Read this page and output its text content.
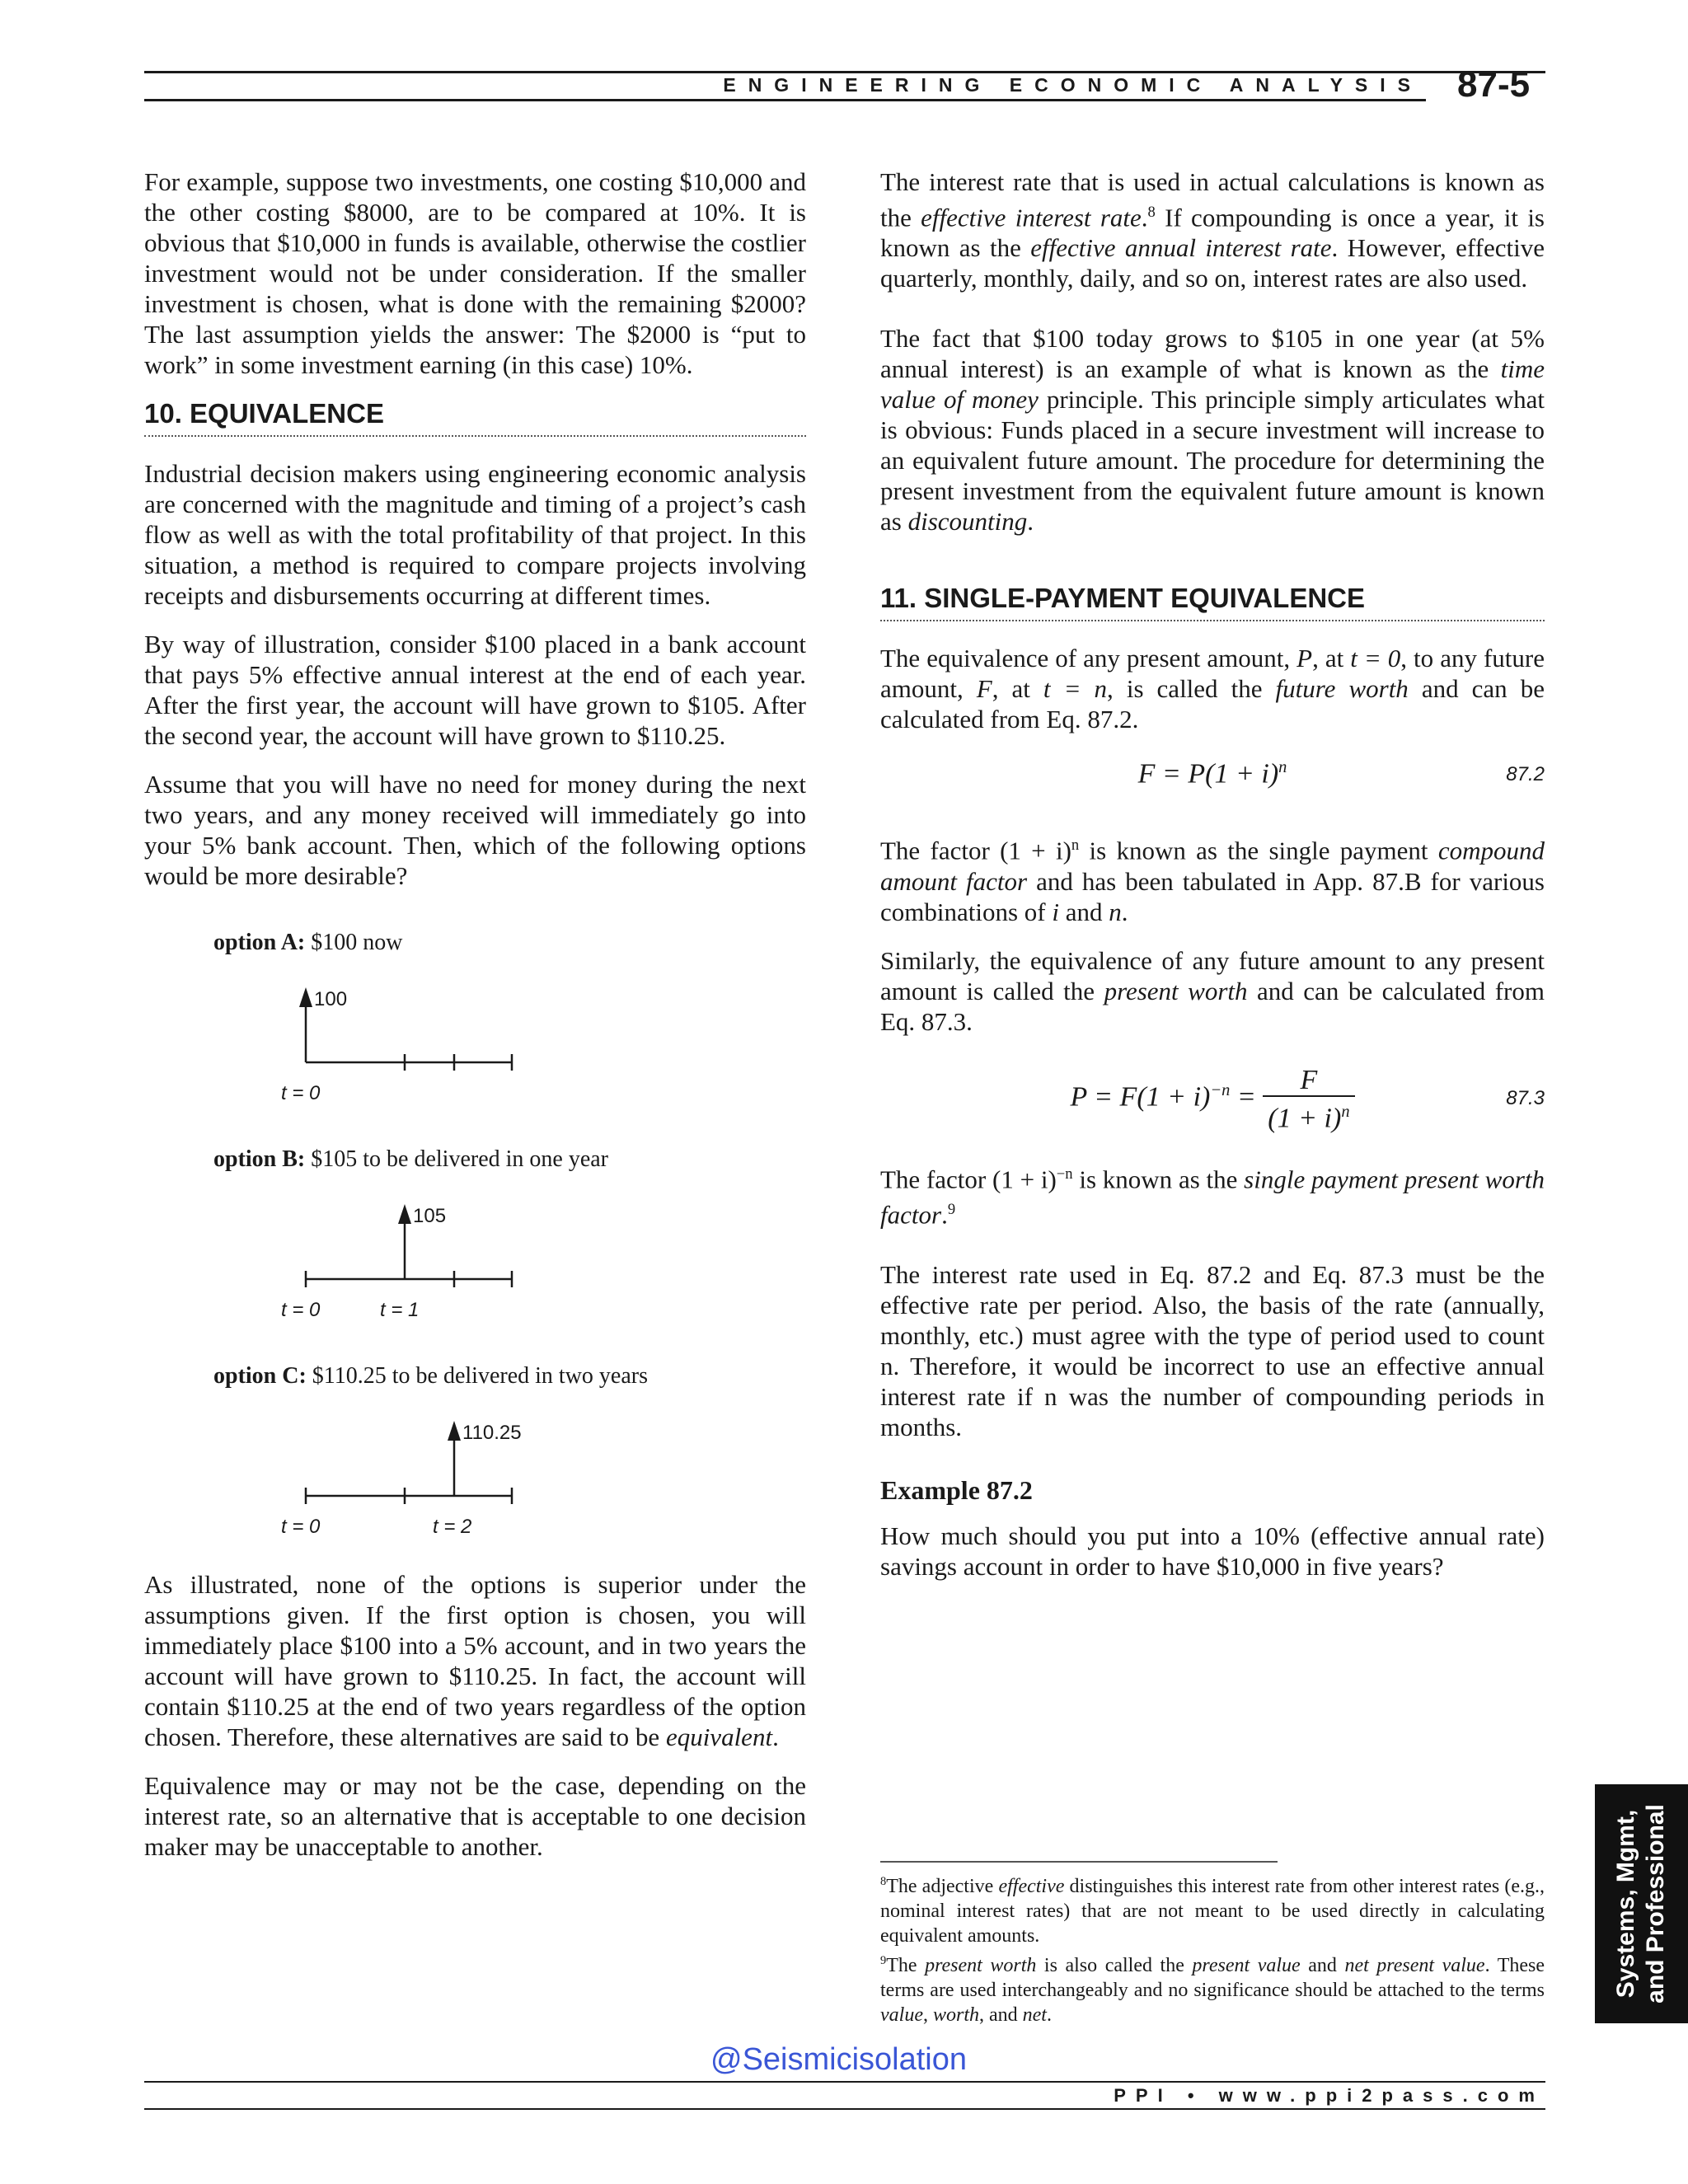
ENGINEERING ECONOMIC ANALYSIS 87-5

For example, suppose two investments, one costing $10,000 and the other costing $8000, are to be compared at 10%. It is obvious that $10,000 in funds is available, otherwise the costlier investment would not be under consideration. If the smaller investment is chosen, what is done with the remaining $2000? The last assumption yields the answer: The $2000 is “put to work” in some investment earning (in this case) 10%.

10. EQUIVALENCE

Industrial decision makers using engineering economic analysis are concerned with the magnitude and timing of a project’s cash flow as well as with the total profitability of that project. In this situation, a method is required to compare projects involving receipts and disbursements occurring at different times.

By way of illustration, consider $100 placed in a bank account that pays 5% effective annual interest at the end of each year. After the first year, the account will have grown to $105. After the second year, the account will have grown to $110.25.

Assume that you will have no need for money during the next two years, and any money received will immediately go into your 5% bank account. Then, which of the following options would be more desirable?

option A: $100 now

100
t = 0

option B: $105 to be delivered in one year

105
t = 0	t = 1

option C: $110.25 to be delivered in two years

110.25
t = 0	t = 2

As illustrated, none of the options is superior under the assumptions given. If the first option is chosen, you will immediately place $100 into a 5% account, and in two years the account will have grown to $110.25. In fact, the account will contain $110.25 at the end of two years regardless of the option chosen. Therefore, these alternatives are said to be equivalent.

Equivalence may or may not be the case, depending on the interest rate, so an alternative that is acceptable to one decision maker may be unacceptable to another.

The interest rate that is used in actual calculations is known as the effective interest rate.$^8$ If compounding is once a year, it is known as the effective annual interest rate. However, effective quarterly, monthly, daily, and so on, interest rates are also used.

The fact that $100 today grows to $105 in one year (at 5% annual interest) is an example of what is known as the time value of money principle. This principle simply articulates what is obvious: Funds placed in a secure investment will increase to an equivalent future amount. The procedure for determining the present investment from the equivalent future amount is known as discounting.

11. SINGLE-PAYMENT EQUIVALENCE

The equivalence of any present amount, P, at t = 0, to any future amount, F, at t = n, is called the future worth and can be calculated from Eq. 87.2.

$F = P(1 + i)^n$	87.2

The factor $(1 + i)^n$ is known as the single payment compound amount factor and has been tabulated in App. 87.B for various combinations of i and n.

Similarly, the equivalence of any future amount to any present amount is called the present worth and can be calculated from Eq. 87.3.

$P = F(1 + i)^{-n} = \frac{F}{(1 + i)^n}$	87.3

The factor $(1 + i)^{-n}$ is known as the single payment present worth factor.$^9$

The interest rate used in Eq. 87.2 and Eq. 87.3 must be the effective rate per period. Also, the basis of the rate (annually, monthly, etc.) must agree with the type of period used to count n. Therefore, it would be incorrect to use an effective annual interest rate if n was the number of compounding periods in months.

Example 87.2

How much should you put into a 10% (effective annual rate) savings account in order to have $10,000 in five years?

$^8$The adjective effective distinguishes this interest rate from other interest rates (e.g., nominal interest rates) that are not meant to be used directly in calculating equivalent amounts.

$^9$The present worth is also called the present value and net present value. These terms are used interchangeably and no significance should be attached to the terms value, worth, and net.

Systems, Mgmt, and Professional
@Seismicisolation
PPI • www.ppi2pass.com
